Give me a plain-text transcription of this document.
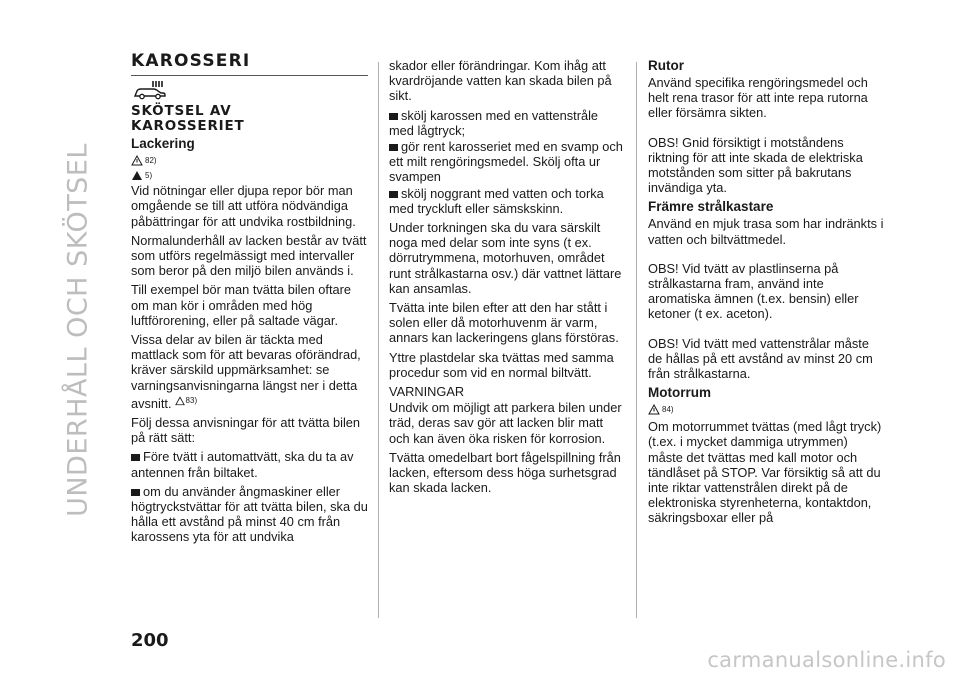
UNDERHÅLL OCH SKÖTSEL
KAROSSERI
SKÖTSEL AV
KAROSSERIET
Lackering
82)
5)

Vid nötningar eller djupa repor bör man omgående se till att utföra nödvändiga påbättringar för att undvika rostbildning.

Normalunderhåll av lacken består av tvätt som utförs regelmässigt med intervaller som beror på den miljö bilen används i.

Till exempel bör man tvätta bilen oftare om man kör i områden med hög luftförorening, eller på saltade vägar.

Vissa delar av bilen är täckta med mattlack som för att bevaras oförändrad, kräver särskild uppmärksamhet: se varningsanvisningarna längst ner i detta avsnitt. $^{83)}$

Följ dessa anvisningar för att tvätta bilen på rätt sätt:

Före tvätt i automattvätt, ska du ta av antennen från biltaket.

om du använder ångmaskiner eller högtryckstvättar för att tvätta bilen, ska du hålla ett avstånd på minst 40 cm från karossens yta för att undvika

skador eller förändringar. Kom ihåg att kvardröjande vatten kan skada bilen på sikt.

skölj karossen med en vattenstråle med lågtryck;

gör rent karosseriet med en svamp och ett milt rengöringsmedel. Skölj ofta ur svampen

skölj noggrant med vatten och torka med tryckluft eller sämskskinn.

Under torkningen ska du vara särskilt noga med delar som inte syns (t ex. dörrutrymmena, motorhuven, området runt strålkastarna osv.) där vattnet lättare kan ansamlas.

Tvätta inte bilen efter att den har stått i solen eller då motorhuvenm är varm, annars kan lackeringens glans förstöras.

Yttre plastdelar ska tvättas med samma procedur som vid en normal biltvätt.

VARNINGAR

Undvik om möjligt att parkera bilen under träd, deras sav gör att lacken blir matt och kan även öka risken för korrosion.

Tvätta omedelbart bort fågelspillning från lacken, eftersom dess höga surhetsgrad kan skada lacken.

Rutor

Använd specifika rengöringsmedel och helt rena trasor för att inte repa rutorna eller försämra sikten.

OBS! Gnid försiktigt i motståndens riktning för att inte skada de elektriska motstånden som sitter på bakrutans invändiga yta.

Främre strålkastare

Använd en mjuk trasa som har indränkts i vatten och biltvättmedel.

OBS! Vid tvätt av plastlinserna på strålkastarna fram, använd inte aromatiska ämnen (t.ex. bensin) eller ketoner (t ex. aceton).

OBS! Vid tvätt med vattenstrålar måste de hållas på ett avstånd av minst 20 cm från strålkastarna.

Motorrum
84)

Om motorrummet tvättas (med lågt tryck) (t.ex. i mycket dammiga utrymmen) måste det tvättas med kall motor och tändlåset på STOP. Var försiktig så att du inte riktar vattenstrålen direkt på de elektroniska styrenheterna, kontaktdon, säkringsboxar eller på

200
carmanualsonline.info
